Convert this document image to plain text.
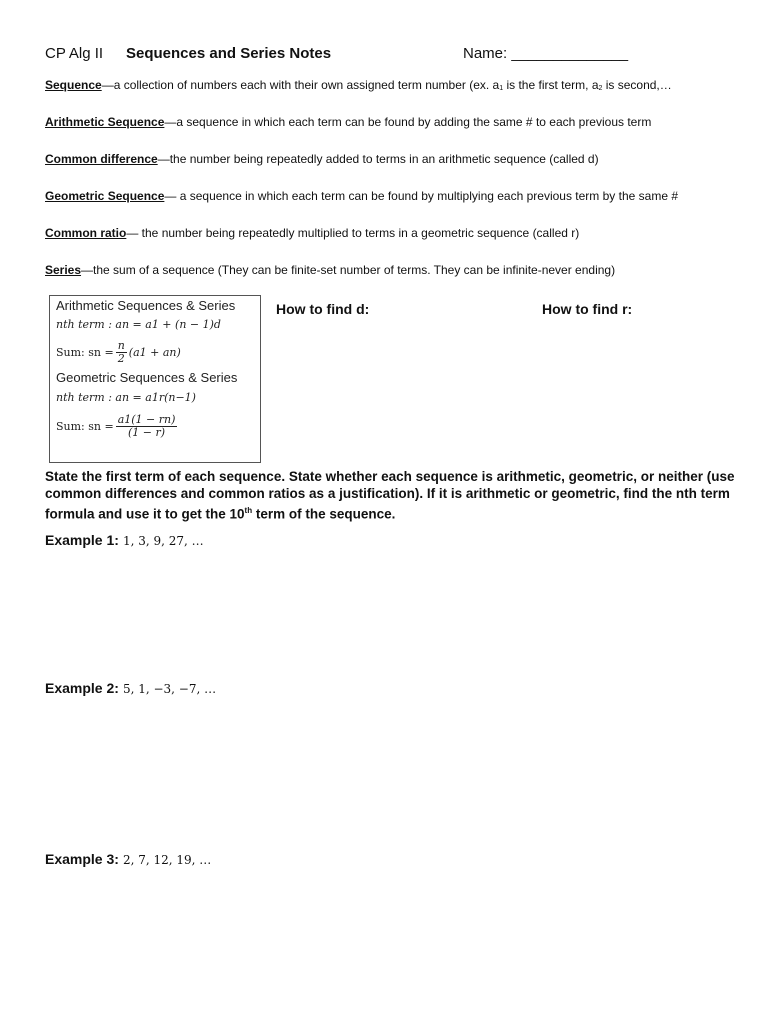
CP Alg II Sequences and Series Notes	Name: ______________
Sequence—a collection of numbers each with their own assigned term number (ex. $a_1$ is the first term, $a_2$ is second,…
Arithmetic Sequence—a sequence in which each term can be found by adding the same # to each previous term
Common difference—the number being repeatedly added to terms in an arithmetic sequence (called d)
Geometric Sequence— a sequence in which each term can be found by multiplying each previous term by the same #
Common ratio— the number being repeatedly multiplied to terms in a geometric sequence (called r)
Series—the sum of a sequence (They can be finite-set number of terms. They can be infinite-never ending)
Arithmetic Sequences & Series
nth term : an = a1 + (n − 1)d
Sum: sn = $\frac{n}{2} (a1 + an)$
Geometric Sequences & Series
nth term : an = a1r(n−1)
Sum: sn = $\frac{a1(1 - rn)}{(1 - r)}$
How to find d:	How to find r:
State the first term of each sequence. State whether each sequence is arithmetic, geometric, or neither (use common differences and common ratios as a justification). If it is arithmetic or geometric, find the nth term formula and use it to get the 10th term of the sequence.
Example 1: 1, 3, 9, 27, …
Example 2: 5, 1, −3, −7, …
Example 3: 2, 7, 12, 19, …
